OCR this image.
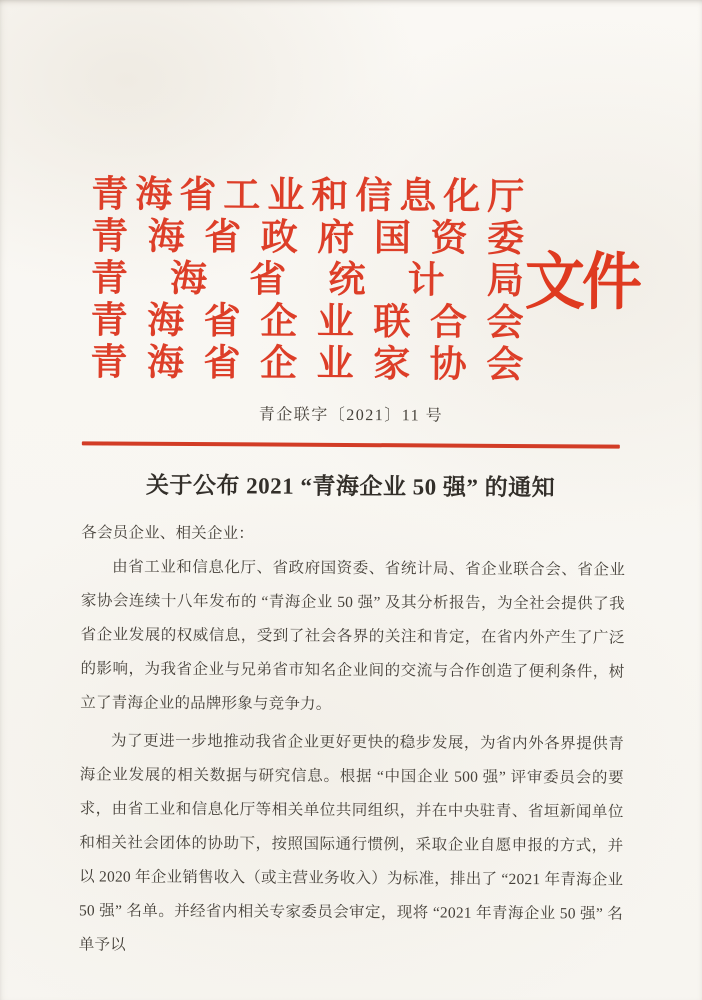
青 海 省 工 业 和 信 息 化 厅
青 海 省 政 府 国 资 委
青 海 省 统 计 局
青 海 省 企 业 联 合 会
青 海 省 企 业 家 协 会
文件
青企联字〔2021〕11 号
关于公布 2021 “青海企业 50 强” 的通知

各会员企业、相关企业：

由省工业和信息化厅、省政府国资委、省统计局、省企业联合会、省企业家协会连续十八年发布的 “青海企业 50 强” 及其分析报告，为全社会提供了我省企业发展的权威信息，受到了社会各界的关注和肯定，在省内外产生了广泛的影响，为我省企业与兄弟省市知名企业间的交流与合作创造了便利条件，树立了青海企业的品牌形象与竞争力。

为了更进一步地推动我省企业更好更快的稳步发展，为省内外各界提供青海企业发展的相关数据与研究信息。根据 “中国企业 500 强” 评审委员会的要求，由省工业和信息化厅等相关单位共同组织，并在中央驻青、省垣新闻单位和相关社会团体的协助下，按照国际通行惯例，采取企业自愿申报的方式，并以 2020 年企业销售收入（或主营业务收入）为标准，排出了 “2021 年青海企业 50 强” 名单。并经省内相关专家委员会审定，现将 “2021 年青海企业 50 强” 名单予以
